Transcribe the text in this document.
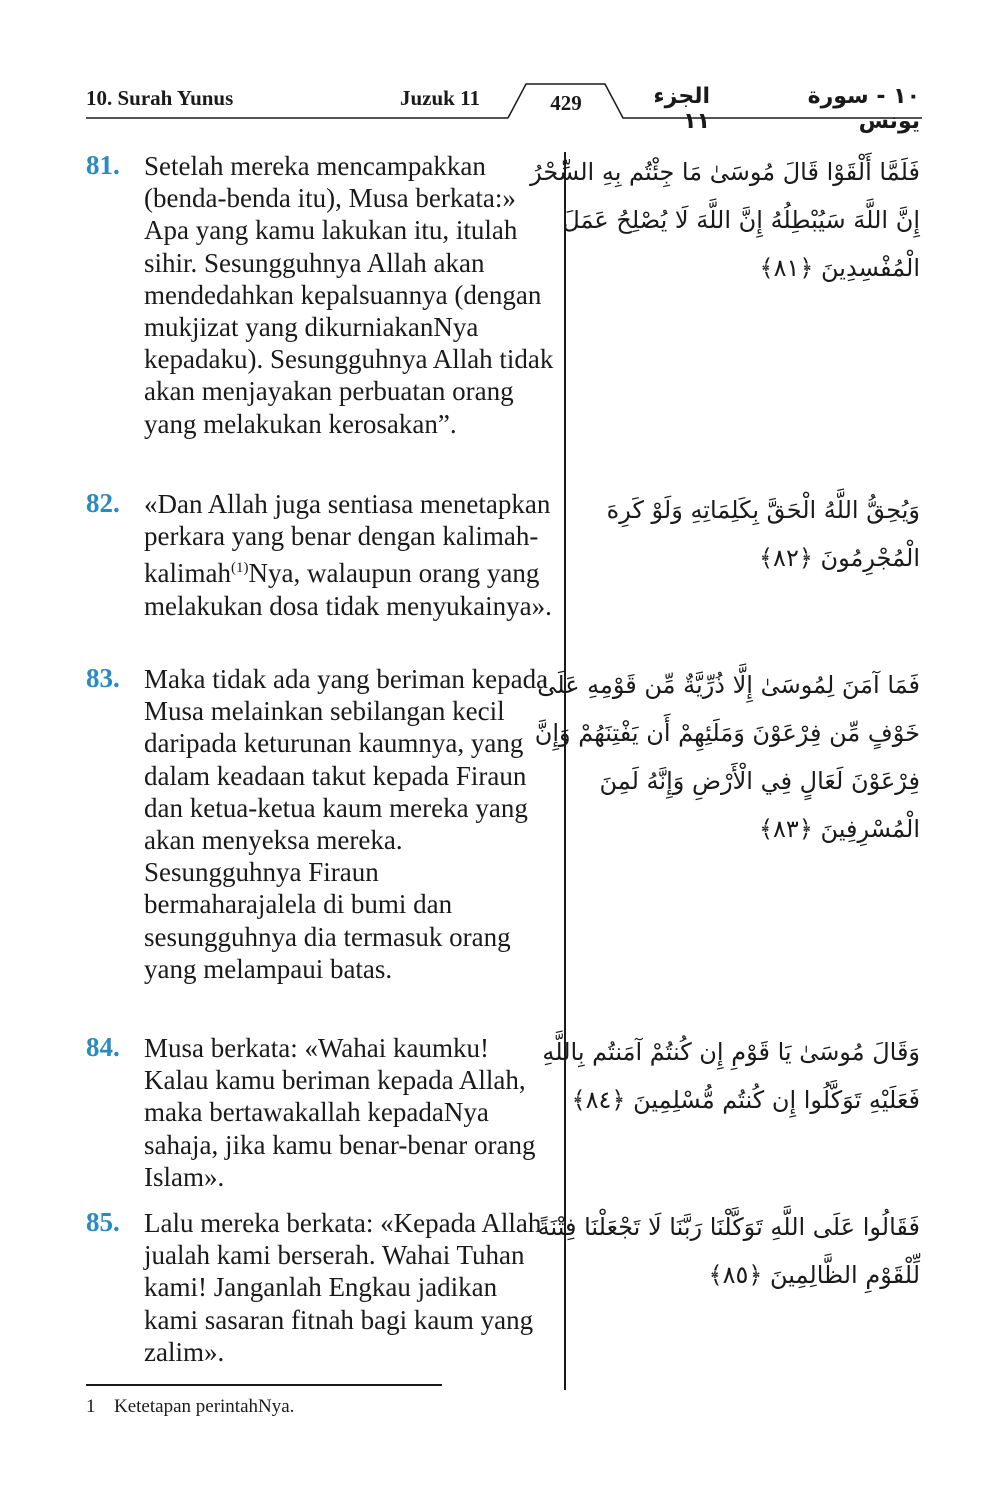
10. Surah Yunus	Juzuk 11	429	الجزء ١١
١٠ - سورة يونس
81. Setelah mereka mencampakkan (benda-benda itu), Musa berkata:» Apa yang kamu lakukan itu, itulah sihir. Sesungguhnya Allah akan mendedahkan kepalsuannya (dengan mukjizat yang dikurniakanNya kepadaku). Sesungguhnya Allah tidak akan menjayakan perbuatan orang yang melakukan kerosakan”.
فَلَمَّا أَلْقَوْا قَالَ مُوسَىٰ مَا جِئْتُم بِهِ السِّحْرُ
إِنَّ اللَّهَ سَيُبْطِلُهُ إِنَّ اللَّهَ لَا يُصْلِحُ عَمَلَ
الْمُفْسِدِينَ ﴿٨١﴾
82. «Dan Allah juga sentiasa menetapkan perkara yang benar dengan kalimah-kalimah$^{(1)}$Nya, walaupun orang yang melakukan dosa tidak menyukainya».
وَيُحِقُّ اللَّهُ الْحَقَّ بِكَلِمَاتِهِ وَلَوْ كَرِهَ
الْمُجْرِمُونَ ﴿٨٢﴾
83. Maka tidak ada yang beriman kepada Musa melainkan sebilangan kecil daripada keturunan kaumnya, yang dalam keadaan takut kepada Firaun dan ketua-ketua kaum mereka yang akan menyeksa mereka. Sesungguhnya Firaun bermaharajalela di bumi dan sesungguhnya dia termasuk orang yang melampaui batas.
فَمَا آمَنَ لِمُوسَىٰ إِلَّا ذُرِّيَّةٌ مِّن قَوْمِهِ عَلَىٰ
خَوْفٍ مِّن فِرْعَوْنَ وَمَلَئِهِمْ أَن يَفْتِنَهُمْ وَإِنَّ
فِرْعَوْنَ لَعَالٍ فِي الْأَرْضِ وَإِنَّهُ لَمِنَ
الْمُسْرِفِينَ ﴿٨٣﴾
84. Musa berkata: «Wahai kaumku! Kalau kamu beriman kepada Allah, maka bertawakallah kepadaNya sahaja, jika kamu benar-benar orang Islam».
وَقَالَ مُوسَىٰ يَا قَوْمِ إِن كُنتُمْ آمَنتُم بِاللَّهِ
فَعَلَيْهِ تَوَكَّلُوا إِن كُنتُم مُّسْلِمِينَ ﴿٨٤﴾
85. Lalu mereka berkata: «Kepada Allah jualah kami berserah. Wahai Tuhan kami! Janganlah Engkau jadikan kami sasaran fitnah bagi kaum yang zalim».
فَقَالُوا عَلَى اللَّهِ تَوَكَّلْنَا رَبَّنَا لَا تَجْعَلْنَا فِتْنَةً
لِّلْقَوْمِ الظَّالِمِينَ ﴿٨٥﴾
1 Ketetapan perintahNya.
